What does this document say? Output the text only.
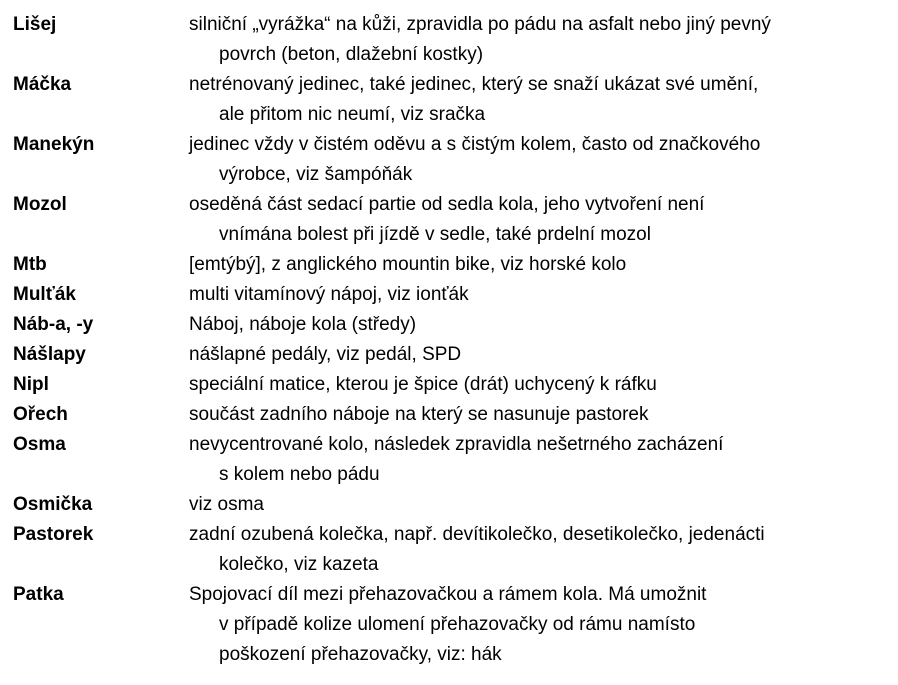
Lišej	silniční „vyrážka“ na kůži, zpravidla po pádu na asfalt nebo jiný pevný
povrch (beton, dlažební kostky)
Máčka	netrénovaný jedinec, také jedinec, který se snaží ukázat své umění,
ale přitom nic neumí, viz sračka
Manekýn	jedinec vždy v čistém oděvu a s čistým kolem, často od značkového
výrobce, viz šampóňák
Mozol	oseděná část sedací partie od sedla kola, jeho vytvoření není
vnímána bolest při jízdě v sedle, také prdelní mozol
Mtb	[emtýbý], z anglického mountin bike, viz horské kolo
Mulťák	multi vitamínový nápoj, viz ionťák
Náb-a, -y	Náboj, náboje kola (středy)
Nášlapy	nášlapné pedály, viz pedál, SPD
Nipl	speciální matice, kterou je špice (drát) uchycený k ráfku
Ořech	součást zadního náboje na který se nasunuje pastorek
Osma	nevycentrované kolo, následek zpravidla nešetrného zacházení
s kolem nebo pádu
Osmička	viz osma
Pastorek	zadní ozubená kolečka, např. devítikolečko, desetikolečko, jedenácti
kolečko, viz kazeta
Patka	Spojovací díl mezi přehazovačkou a rámem kola. Má umožnit
v případě kolize ulomení přehazovačky od rámu namísto
poškození přehazovačky, viz: hák
